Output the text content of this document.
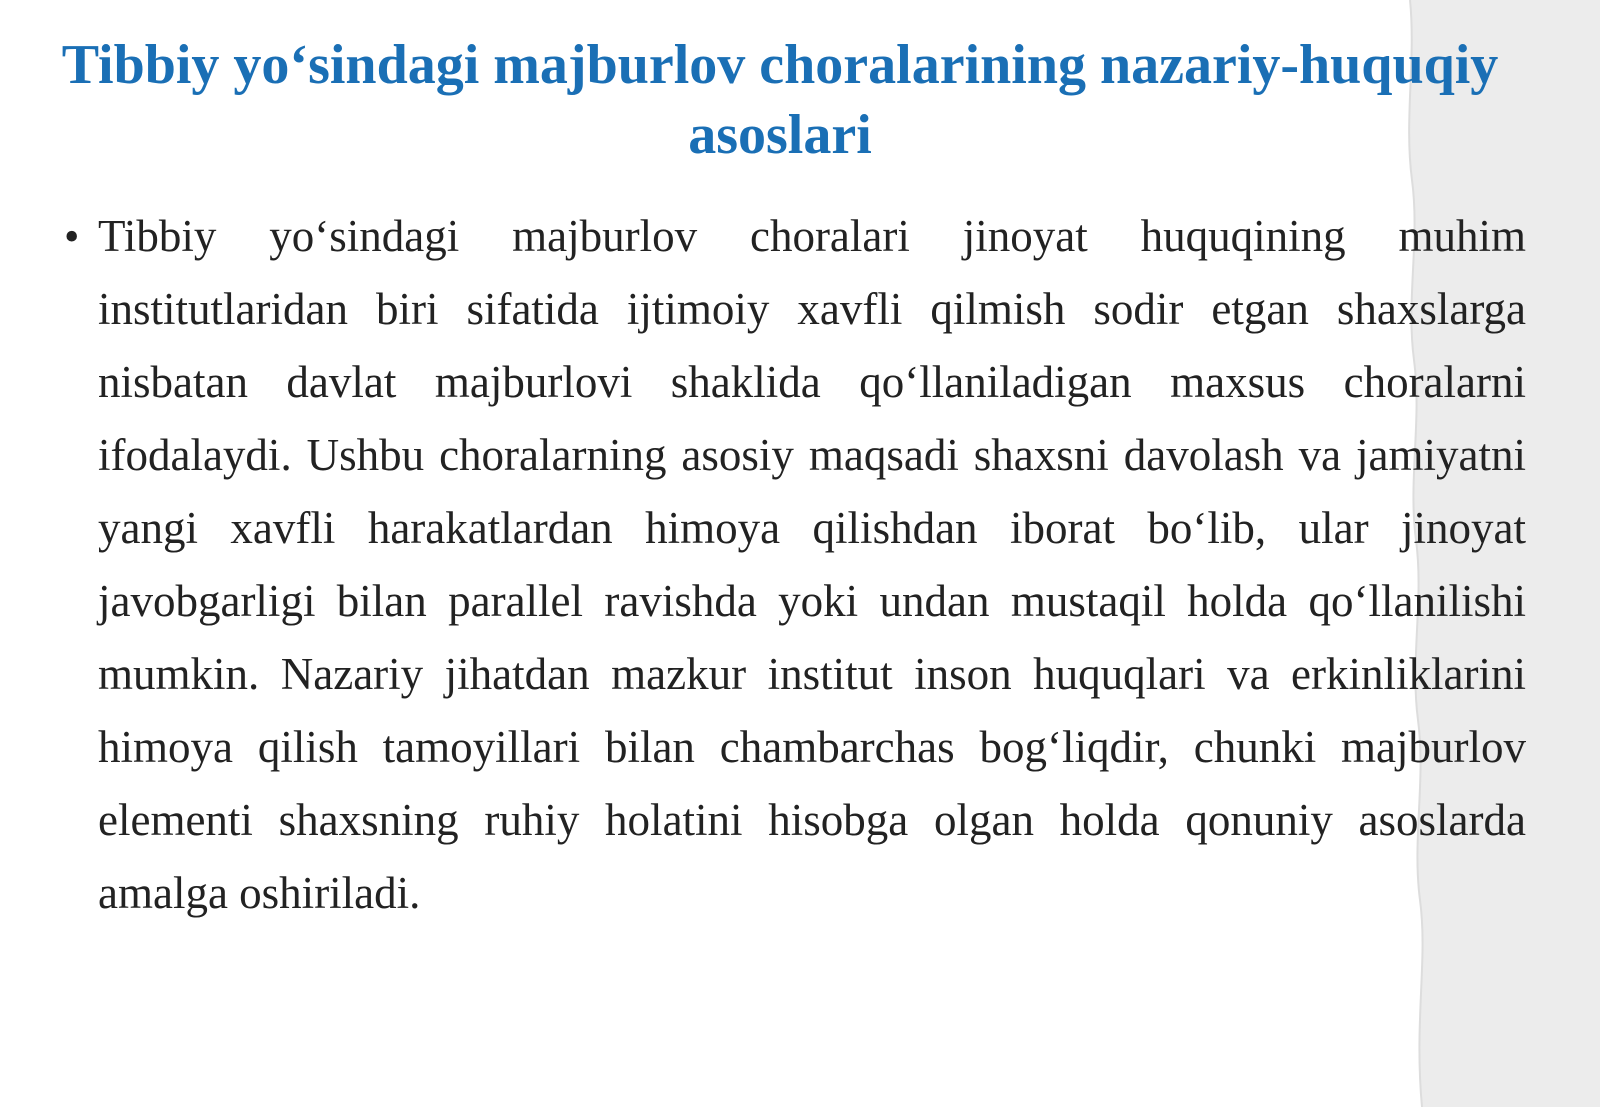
Tibbiy yo‘sindagi majburlov choralarining nazariy-huquqiy asoslari
• Tibbiy yo‘sindagi majburlov choralari jinoyat huquqining muhim institutlaridan biri sifatida ijtimoiy xavfli qilmish sodir etgan shaxslarga nisbatan davlat majburlovi shaklida qo‘llaniladigan maxsus choralarni ifodalaydi. Ushbu choralarning asosiy maqsadi shaxsni davolash va jamiyatni yangi xavfli harakatlardan himoya qilishdan iborat bo‘lib, ular jinoyat javobgarligi bilan parallel ravishda yoki undan mustaqil holda qo‘llanilishi mumkin. Nazariy jihatdan mazkur institut inson huquqlari va erkinliklarini himoya qilish tamoyillari bilan chambarchas bog‘liqdir, chunki majburlov elementi shaxsning ruhiy holatini hisobga olgan holda qonuniy asoslarda amalga oshiriladi.
